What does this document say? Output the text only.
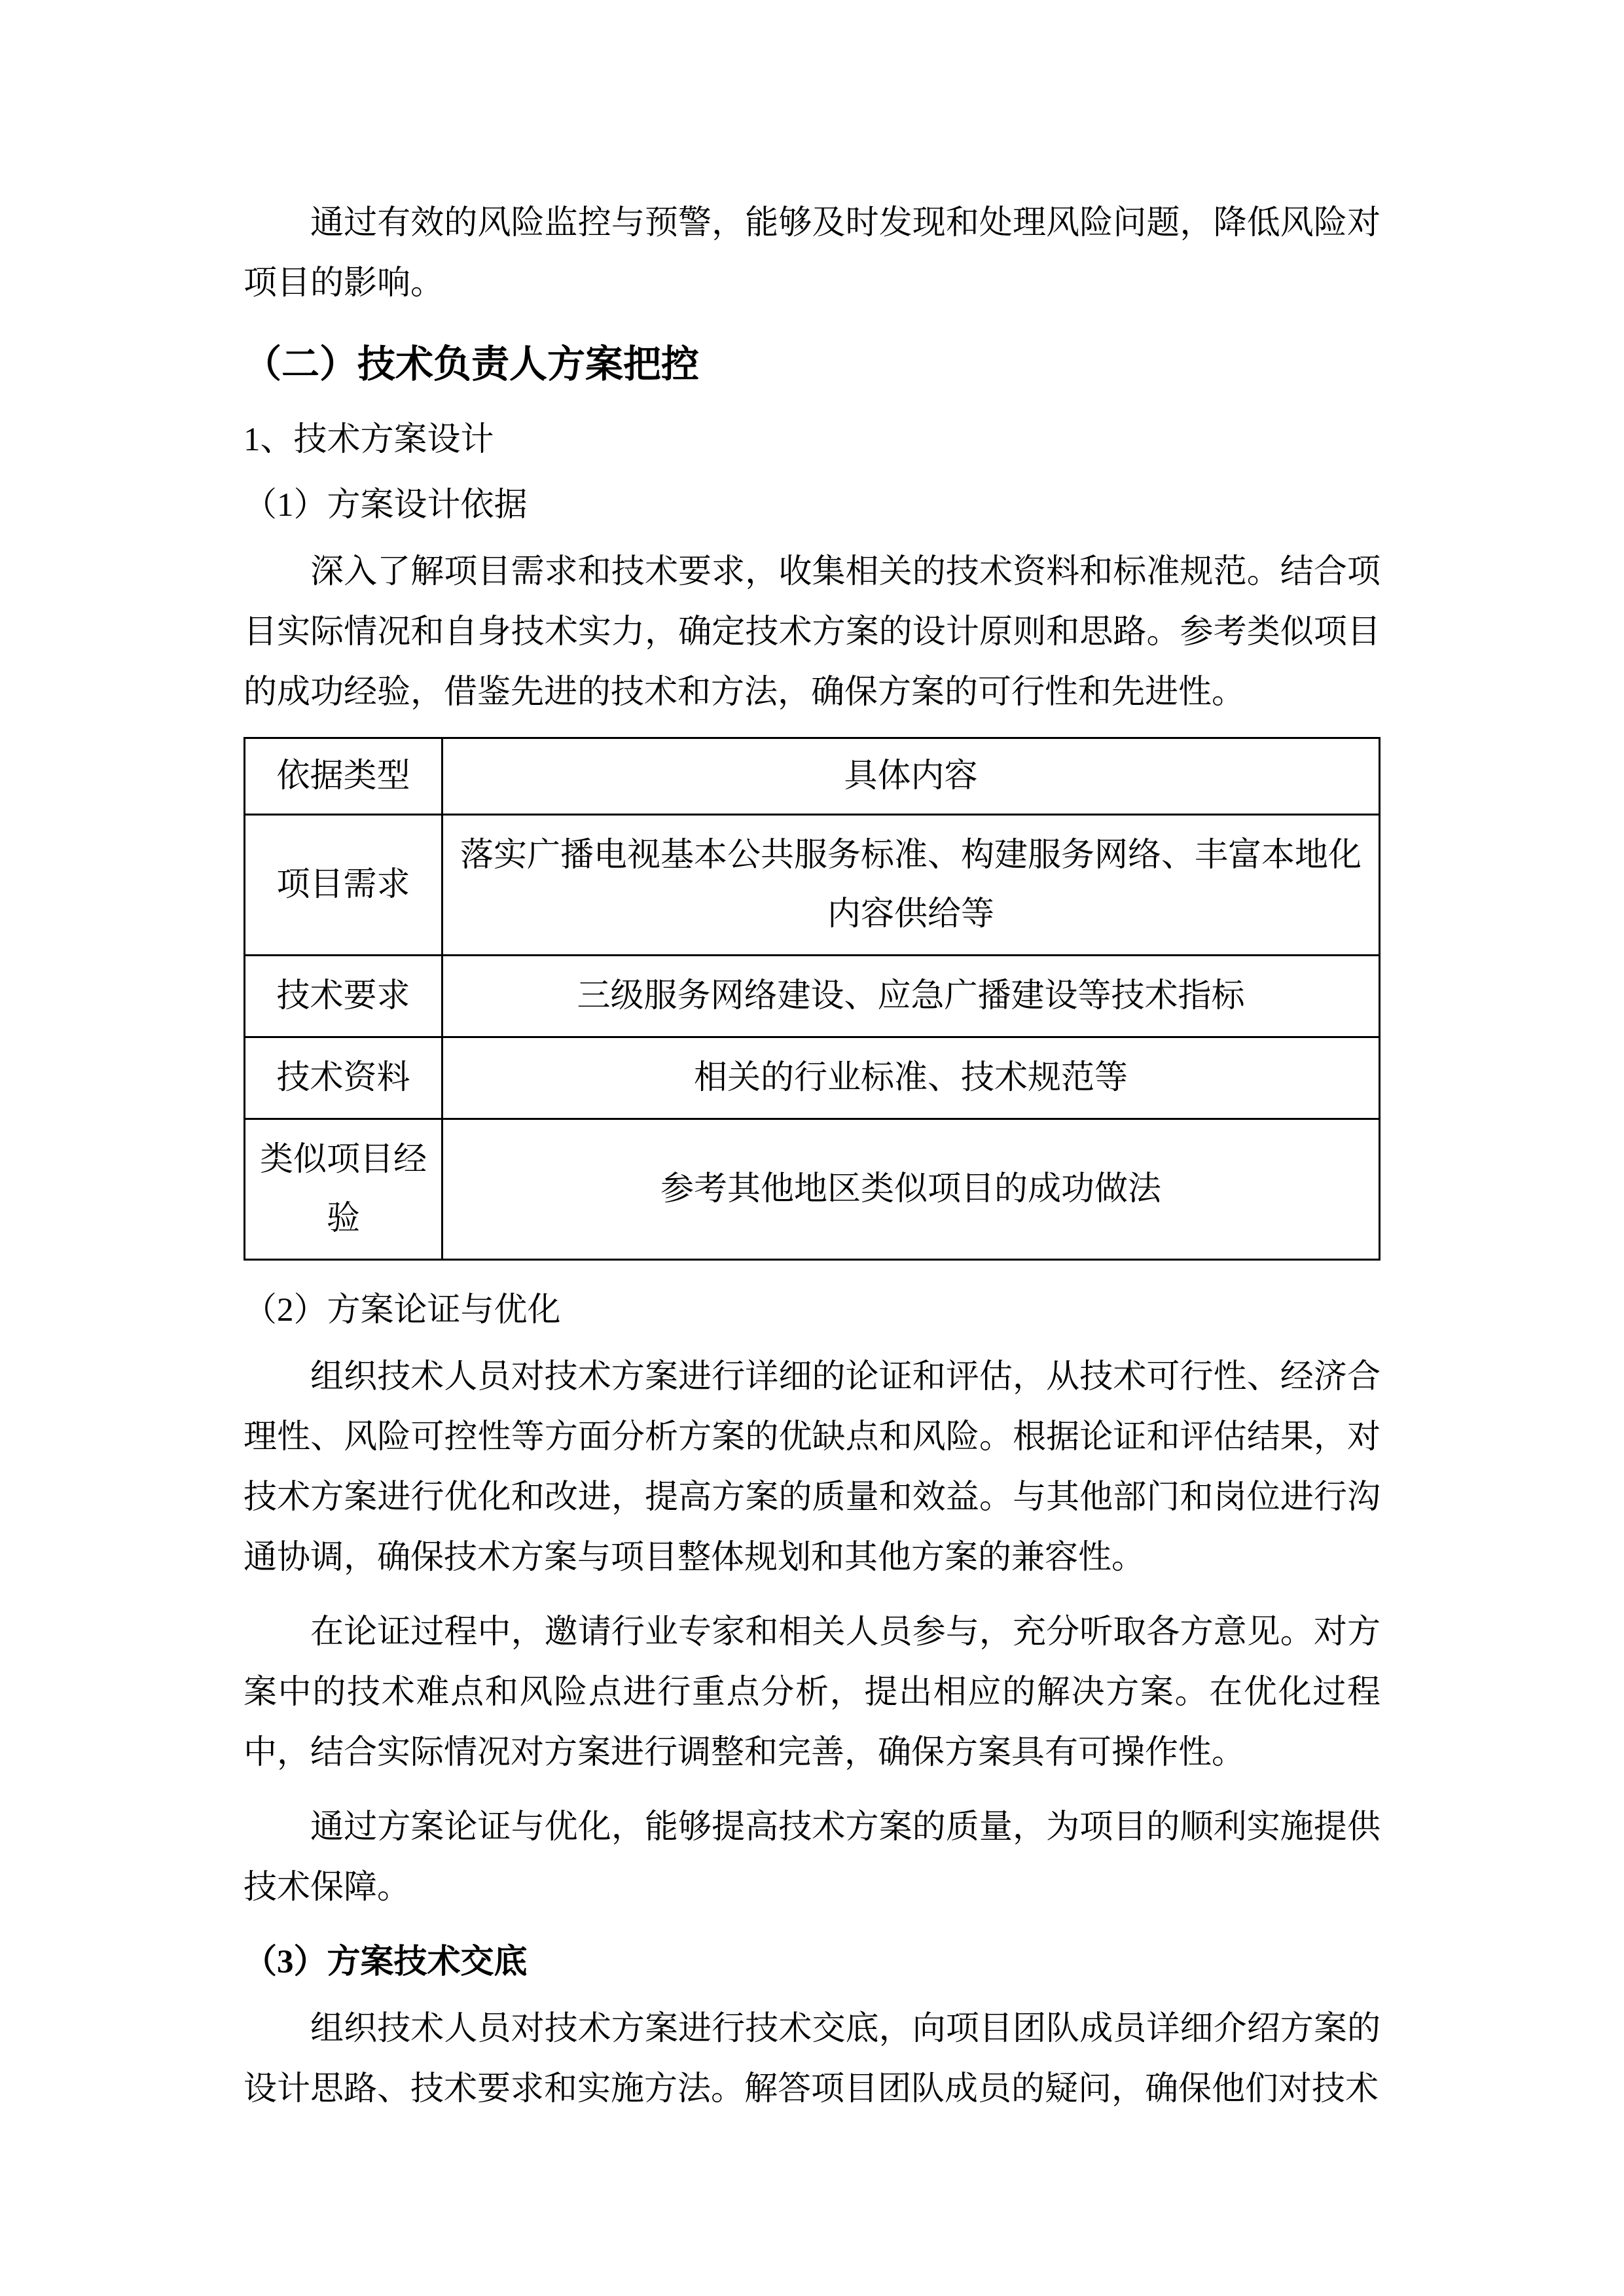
通过有效的风险监控与预警，能够及时发现和处理风险问题，降低风险对项目的影响。

（二）技术负责人方案把控
1、技术方案设计
（1）方案设计依据

深入了解项目需求和技术要求，收集相关的技术资料和标准规范。结合项目实际情况和自身技术实力，确定技术方案的设计原则和思路。参考类似项目的成功经验，借鉴先进的技术和方法，确保方案的可行性和先进性。

依据类型	具体内容
项目需求	落实广播电视基本公共服务标准、构建服务网络、丰富本地化内容供给等
技术要求	三级服务网络建设、应急广播建设等技术指标
技术资料	相关的行业标准、技术规范等
类似项目经验	参考其他地区类似项目的成功做法
（2）方案论证与优化

组织技术人员对技术方案进行详细的论证和评估，从技术可行性、经济合理性、风险可控性等方面分析方案的优缺点和风险。根据论证和评估结果，对技术方案进行优化和改进，提高方案的质量和效益。与其他部门和岗位进行沟通协调，确保技术方案与项目整体规划和其他方案的兼容性。

在论证过程中，邀请行业专家和相关人员参与，充分听取各方意见。对方案中的技术难点和风险点进行重点分析，提出相应的解决方案。在优化过程中，结合实际情况对方案进行调整和完善，确保方案具有可操作性。

通过方案论证与优化，能够提高技术方案的质量，为项目的顺利实施提供技术保障。

（3）方案技术交底

组织技术人员对技术方案进行技术交底，向项目团队成员详细介绍方案的设计思路、技术要求和实施方法。解答项目团队成员的疑问，确保他们对技术
